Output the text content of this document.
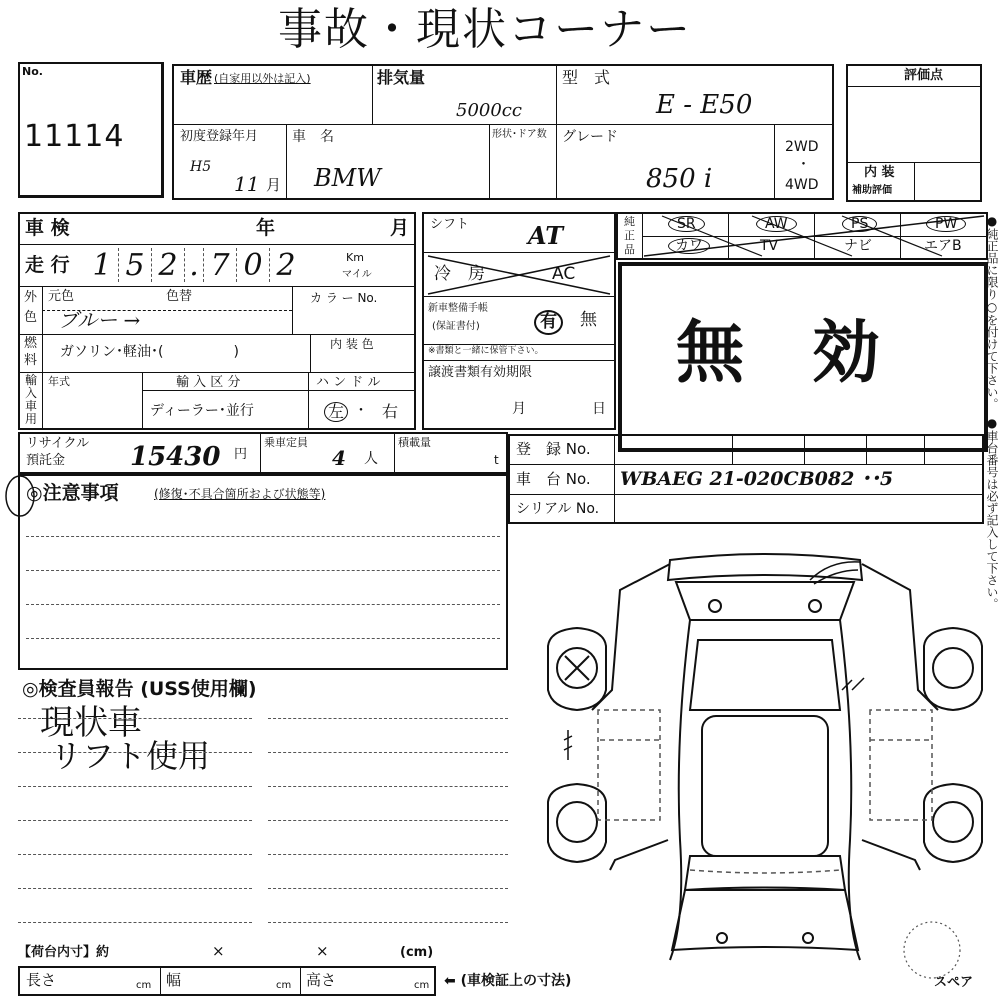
事故・現状コーナー
No.
11114
車歴 (自家用以外は記入)	排気量
5000cc
型　式
E - E50
初度登録年月
H5
11 月
車　名
BMW
形状･ドア数 グレード
850 i
2WD
･
4WD
評価点
内 装
補助評価
車 検	年	月
走 行 1 5 2 . 7 0 2	Km
マイル
外
色
元色	色替
ブルー →
カ ラ ー No.
燃
料
ガソリン･軽油･(　　　　　)	内 装 色
輸入車用
年式	輸 入 区 分
ディーラー･並行
ハ ン ド ル
左 ・ 右
シフト AT
冷　房	AC
新車整備手帳
(保証書付)	有	無
※書類と一緒に保管下さい。
譲渡書類有効期限
月	日
純正品
SR	AW	PS	PW
カワ	TV	ナビ	エアB
無　効	●純正品に限り○を付けて下さい。　●車台番号は必ず記入して下さい。
リサイクル
預託金 15430 円
乗車定員
4 人
積載量
t
登　録 No.
車　台 No. WBAEG 21-020CB082 ･･5
シリアル No.
◎注意事項	(修復･不具合箇所および状態等)
◎検査員報告 (USS使用欄)
現状車
リフト使用
【荷台内寸】約	×	×	(cm)
長さ	cm 幅	cm 高さ	cm ⬅ (車検証上の寸法)	スペア
